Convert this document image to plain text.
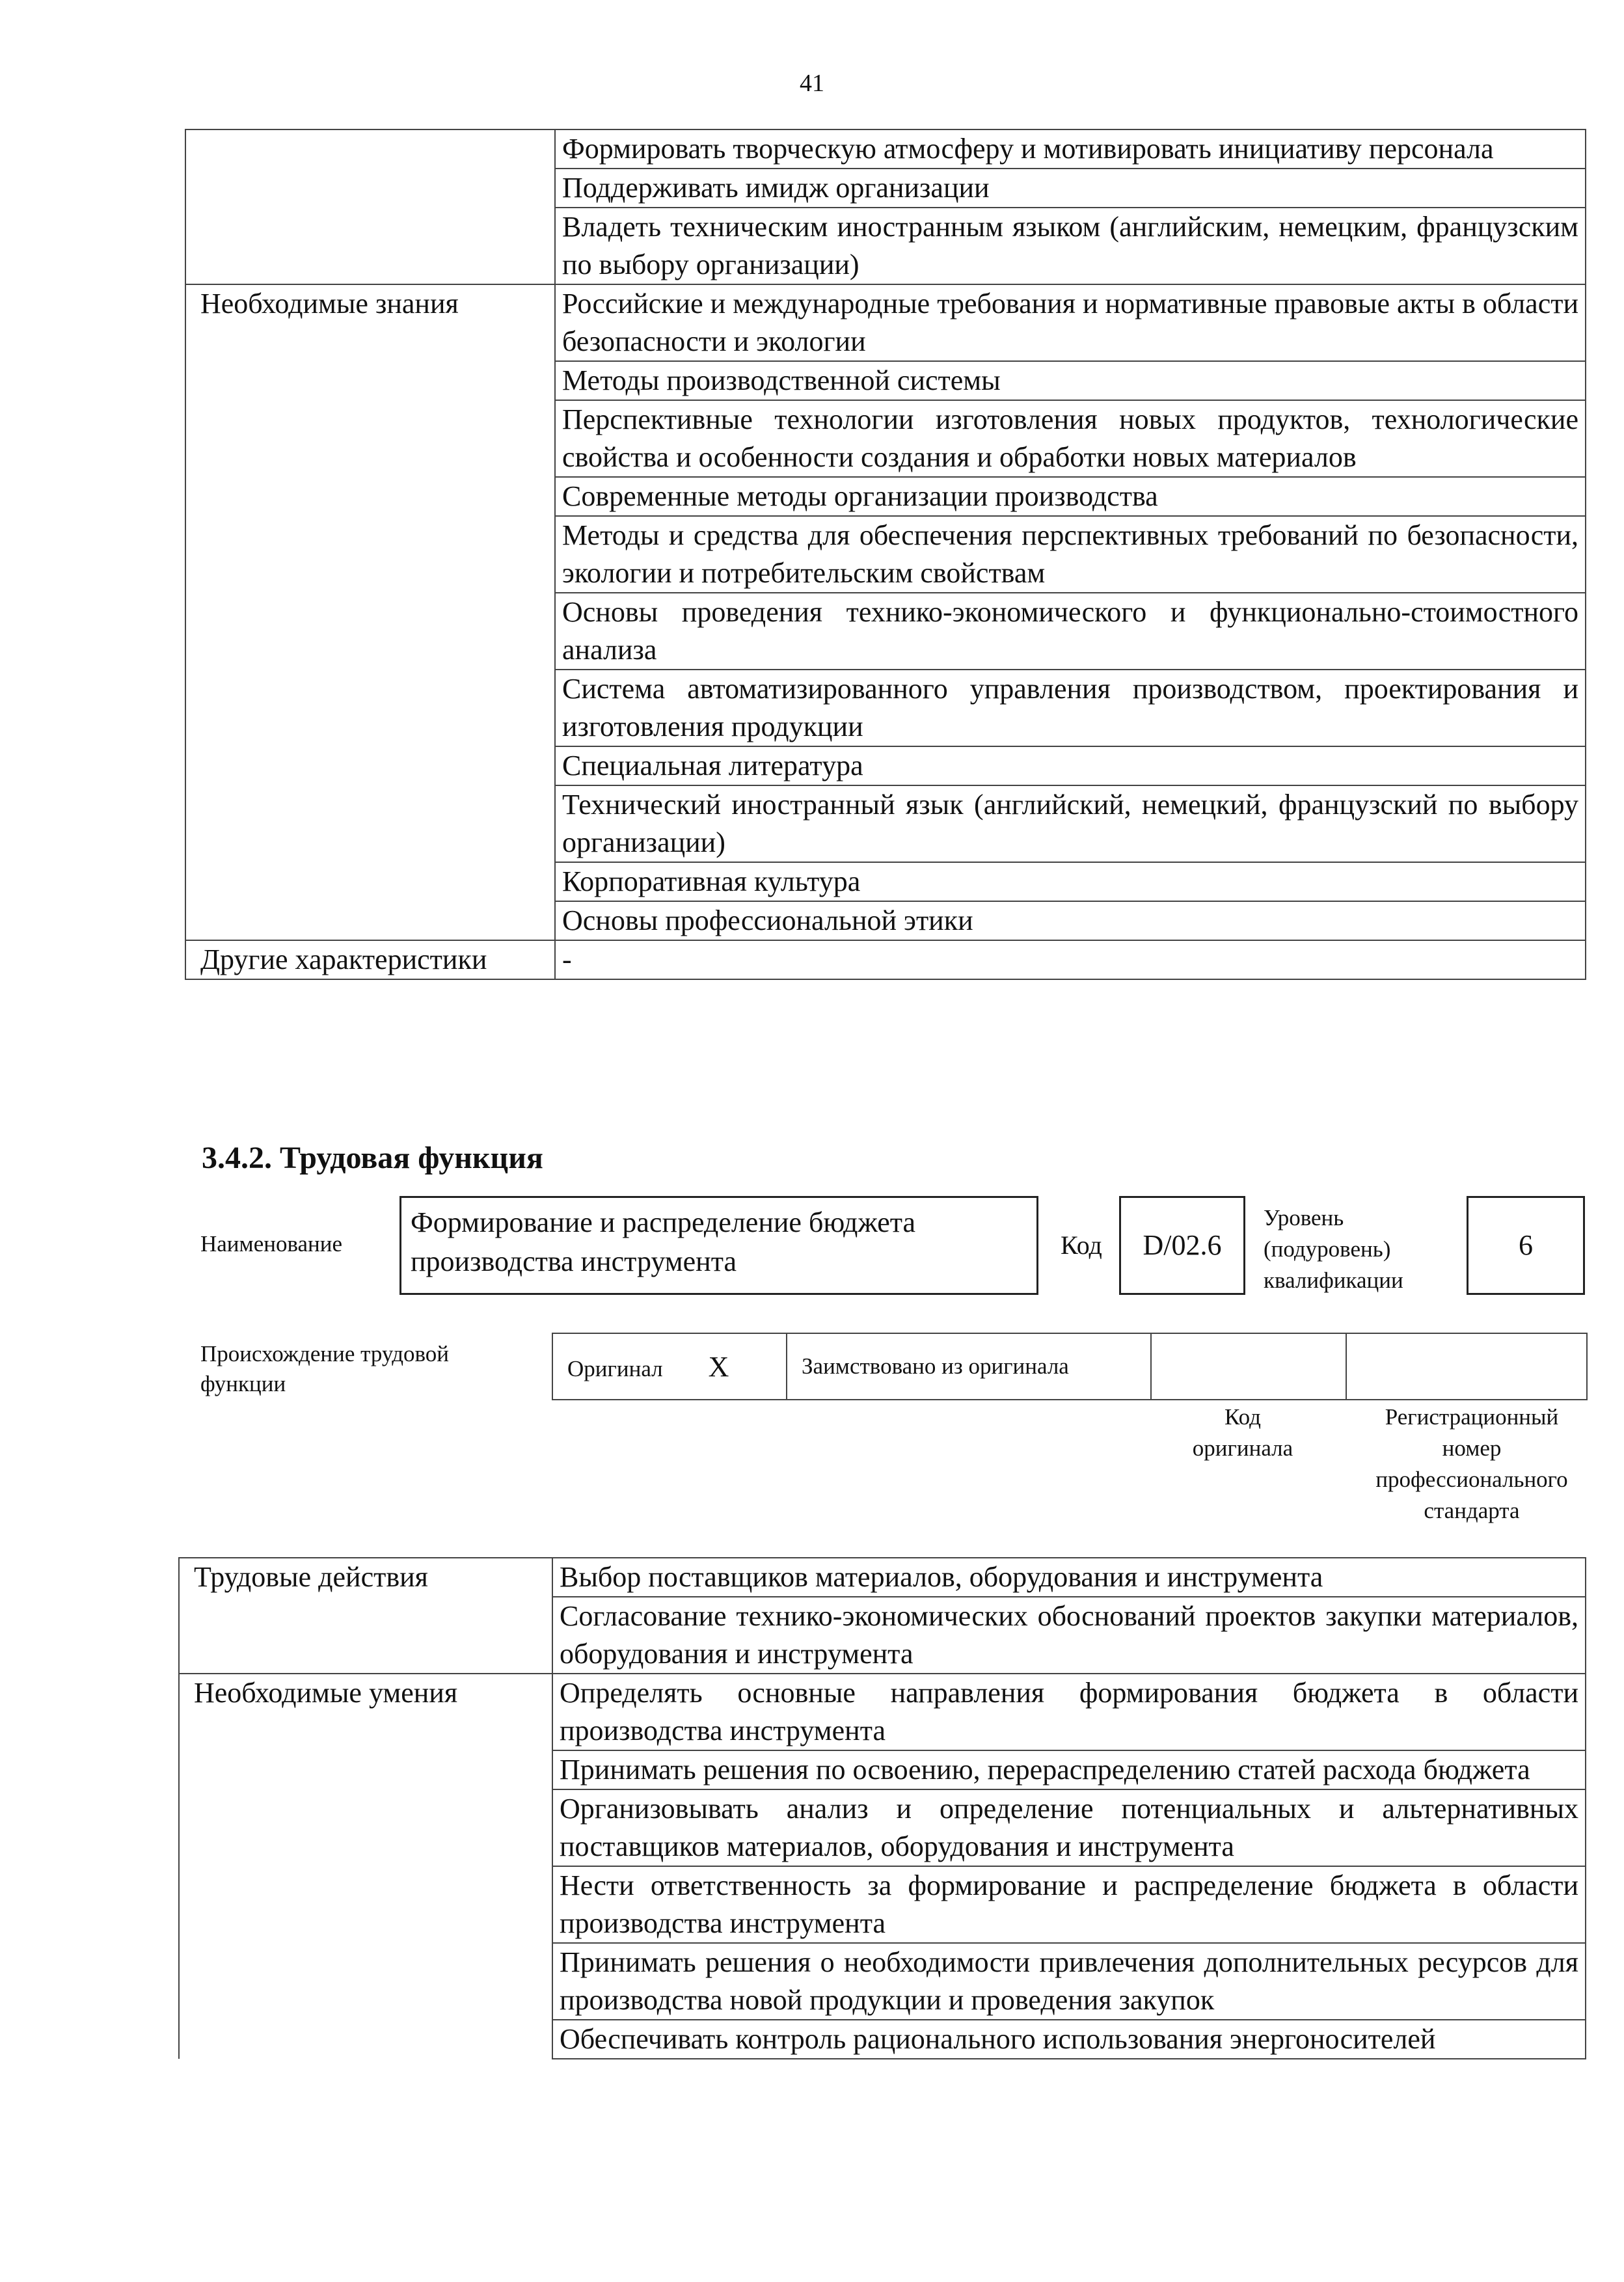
41
	Формировать творческую атмосферу и мотивировать инициативу персонала
	Поддерживать имидж организации
	Владеть техническим иностранным языком (английским, немецким, французским по выбору организации)
Необходимые знания	Российские и международные требования и нормативные правовые акты в области безопасности и экологии
	Методы производственной системы
	Перспективные технологии изготовления новых продуктов, технологические свойства и особенности создания и обработки новых материалов
	Современные методы организации производства
	Методы и средства для обеспечения перспективных требований по безопасности, экологии и потребительским свойствам
	Основы проведения технико-экономического и функционально-стоимостного анализа
	Система автоматизированного управления производством, проектирования и изготовления продукции
	Специальная литература
	Технический иностранный язык (английский, немецкий, французский по выбору организации)
	Корпоративная культура
	Основы профессиональной этики
Другие характеристики	-
3.4.2. Трудовая функция
Наименование
Формирование и распределение бюджета производства инструмента
Код	D/02.6
Уровень
(подуровень)
квалификации
6
Происхождение трудовой
функции
Оригинал X	Заимствовано из оригинала		
Код
оригинала
Регистрационный
номер
профессионального
стандарта
Трудовые действия	Выбор поставщиков материалов, оборудования и инструмента
	Согласование технико-экономических обоснований проектов закупки материалов, оборудования и инструмента
Необходимые умения	Определять основные направления формирования бюджета в области производства инструмента
	Принимать решения по освоению, перераспределению статей расхода бюджета
	Организовывать анализ и определение потенциальных и альтернативных поставщиков материалов, оборудования и инструмента
	Нести ответственность за формирование и распределение бюджета в области производства инструмента
	Принимать решения о необходимости привлечения дополнительных ресурсов для производства новой продукции и проведения закупок
	Обеспечивать контроль рационального использования энергоносителей
